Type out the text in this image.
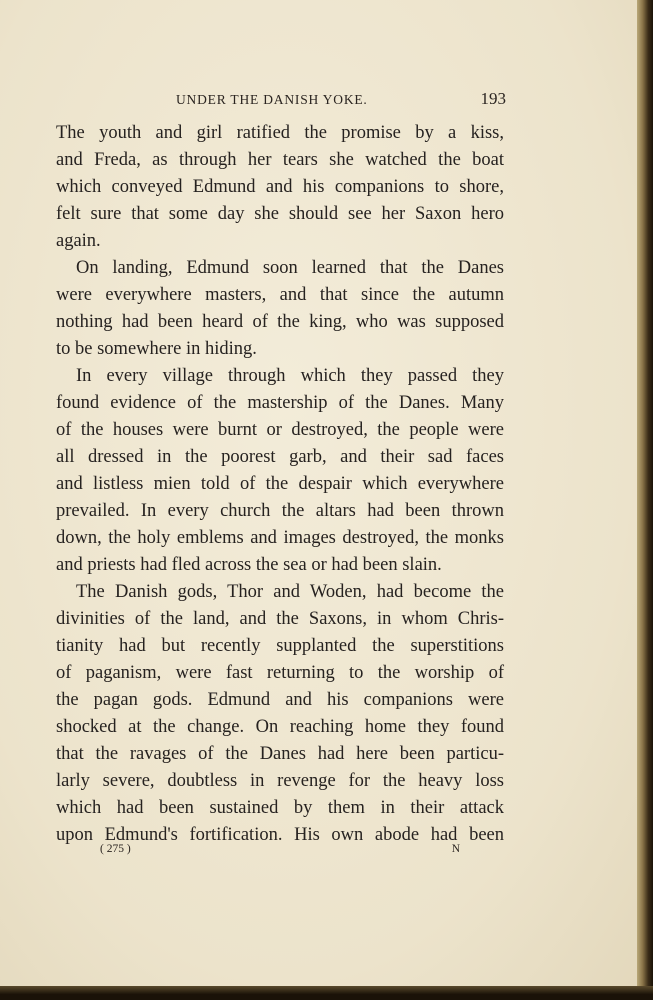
UNDER THE DANISH YOKE.	193
The youth and girl ratified the promise by a kiss,
and Freda, as through her tears she watched the boat
which conveyed Edmund and his companions to shore,
felt sure that some day she should see her Saxon hero
again.
On landing, Edmund soon learned that the Danes
were everywhere masters, and that since the autumn
nothing had been heard of the king, who was supposed
to be somewhere in hiding.
In every village through which they passed they
found evidence of the mastership of the Danes. Many
of the houses were burnt or destroyed, the people were
all dressed in the poorest garb, and their sad faces
and listless mien told of the despair which everywhere
prevailed. In every church the altars had been thrown
down, the holy emblems and images destroyed, the monks
and priests had fled across the sea or had been slain.
The Danish gods, Thor and Woden, had become the
divinities of the land, and the Saxons, in whom Chris-
tianity had but recently supplanted the superstitions
of paganism, were fast returning to the worship of
the pagan gods. Edmund and his companions were
shocked at the change. On reaching home they found
that the ravages of the Danes had here been particu-
larly severe, doubtless in revenge for the heavy loss
which had been sustained by them in their attack
upon Edmund's fortification. His own abode had been
( 275 )	N
